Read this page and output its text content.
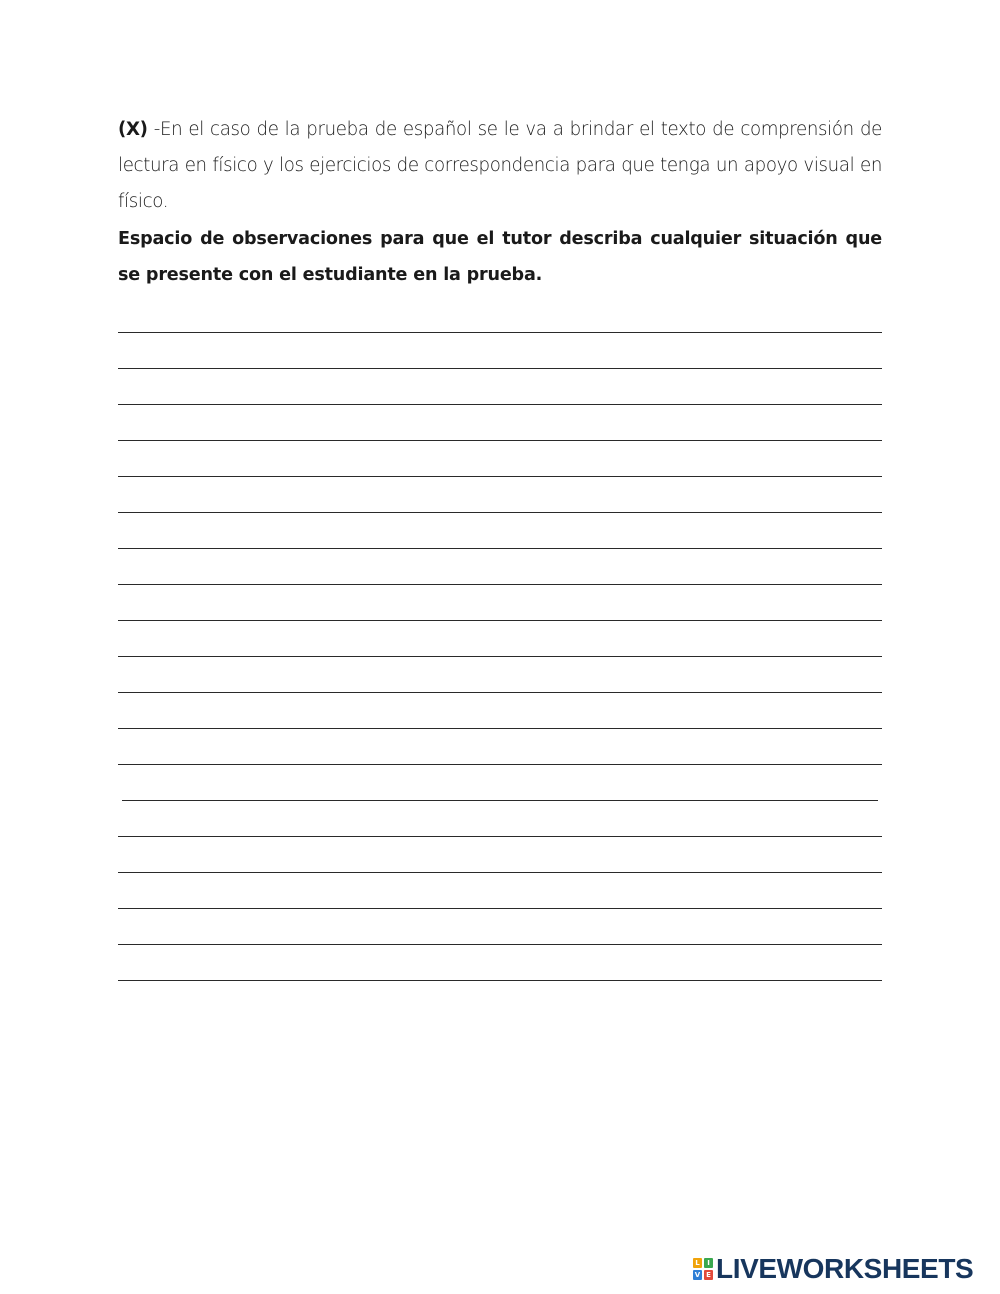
(X) -En el caso de la prueba de español se le va a brindar el texto de comprensión de lectura en físico y los ejercicios de correspondencia para que tenga un apoyo visual en físico.

Espacio de observaciones para que el tutor describa cualquier situación que se presente con el estudiante en la prueba.

L	I
V E LIVEWORKSHEETS
